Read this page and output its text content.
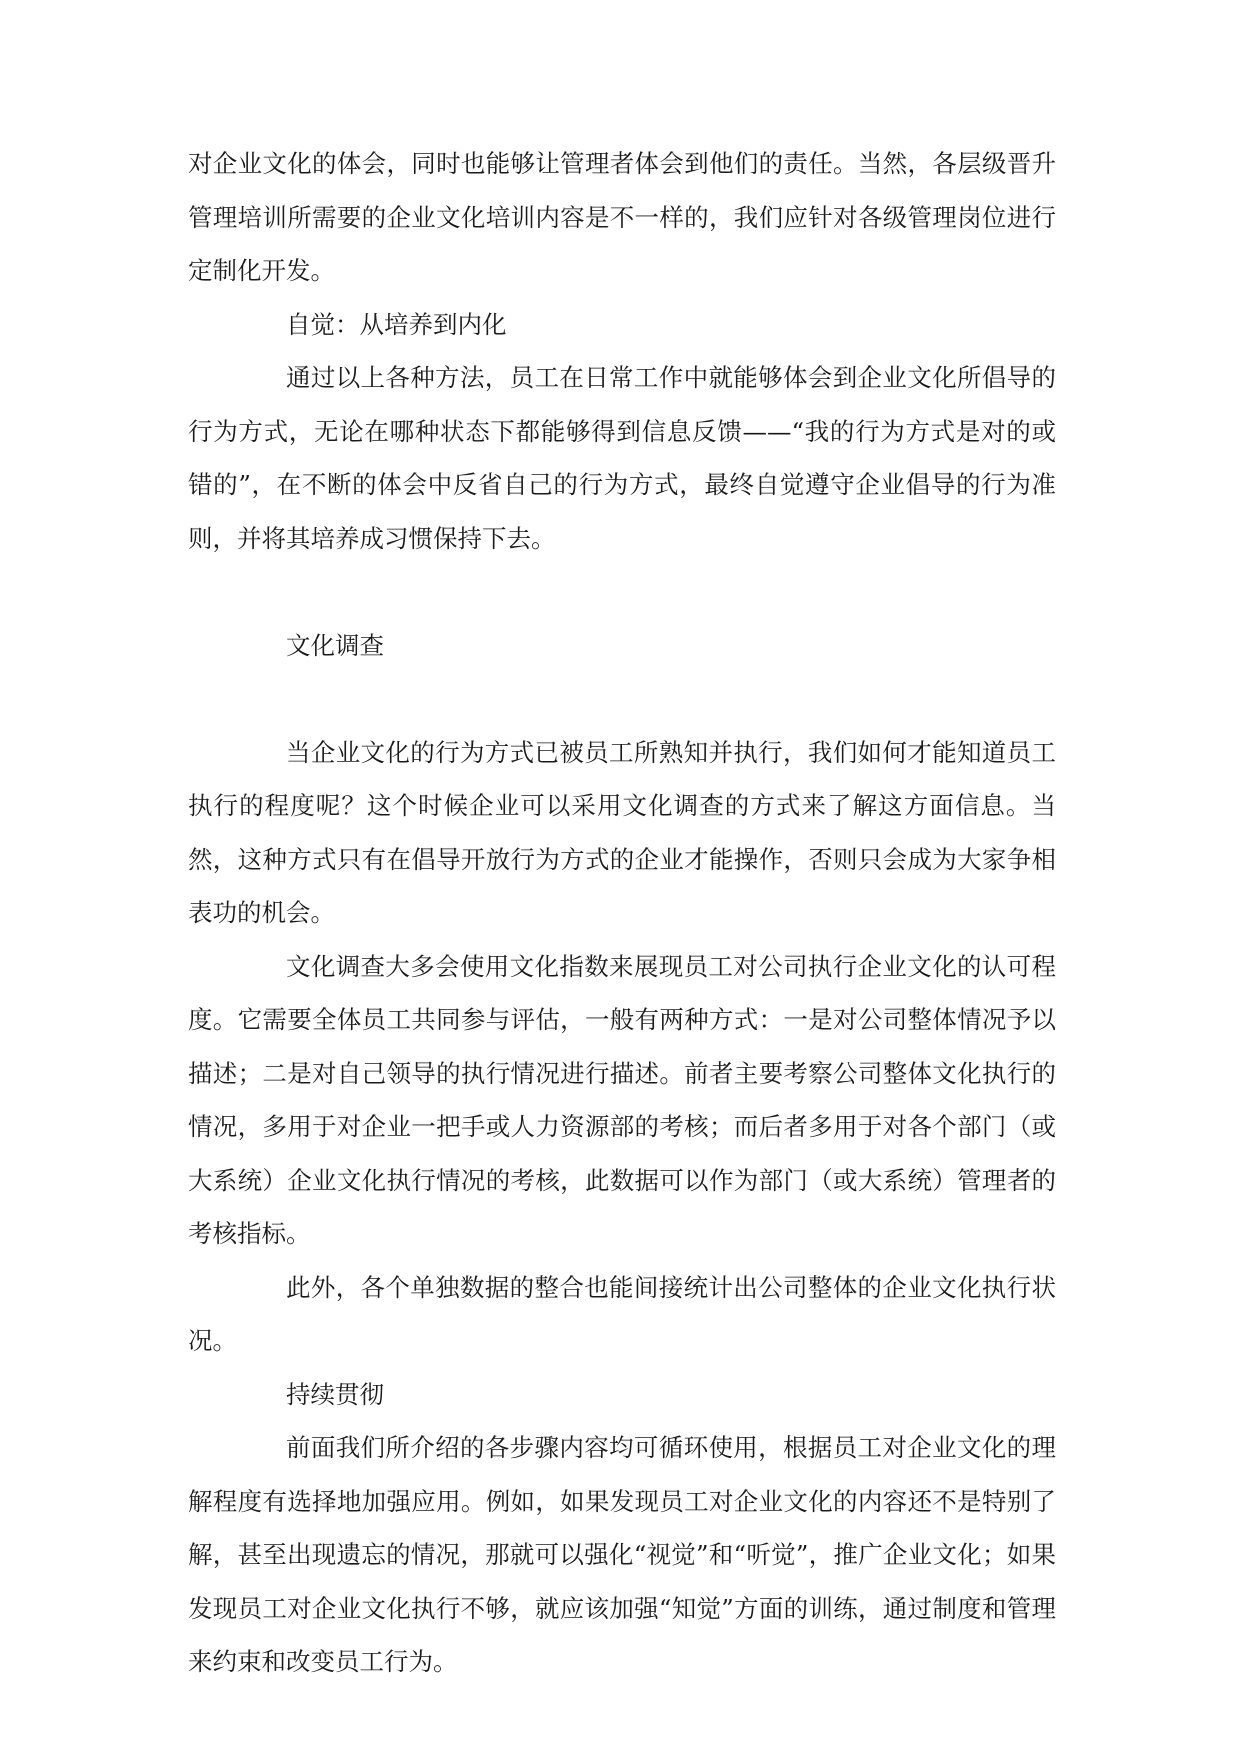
对企业文化的体会，同时也能够让管理者体会到他们的责任。当然，各层级晋升管理培训所需要的企业文化培训内容是不一样的，我们应针对各级管理岗位进行定制化开发。

自觉：从培养到内化

通过以上各种方法，员工在日常工作中就能够体会到企业文化所倡导的行为方式，无论在哪种状态下都能够得到信息反馈——“我的行为方式是对的或错的”，在不断的体会中反省自己的行为方式，最终自觉遵守企业倡导的行为准则，并将其培养成习惯保持下去。

文化调查

当企业文化的行为方式已被员工所熟知并执行，我们如何才能知道员工执行的程度呢？这个时候企业可以采用文化调查的方式来了解这方面信息。当然，这种方式只有在倡导开放行为方式的企业才能操作，否则只会成为大家争相表功的机会。

文化调查大多会使用文化指数来展现员工对公司执行企业文化的认可程度。它需要全体员工共同参与评估，一般有两种方式：一是对公司整体情况予以描述；二是对自己领导的执行情况进行描述。前者主要考察公司整体文化执行的情况，多用于对企业一把手或人力资源部的考核；而后者多用于对各个部门（或大系统）企业文化执行情况的考核，此数据可以作为部门（或大系统）管理者的考核指标。

此外，各个单独数据的整合也能间接统计出公司整体的企业文化执行状况。

持续贯彻

前面我们所介绍的各步骤内容均可循环使用，根据员工对企业文化的理解程度有选择地加强应用。例如，如果发现员工对企业文化的内容还不是特别了解，甚至出现遗忘的情况，那就可以强化“视觉”和“听觉”，推广企业文化；如果发现员工对企业文化执行不够，就应该加强“知觉”方面的训练，通过制度和管理来约束和改变员工行为。
